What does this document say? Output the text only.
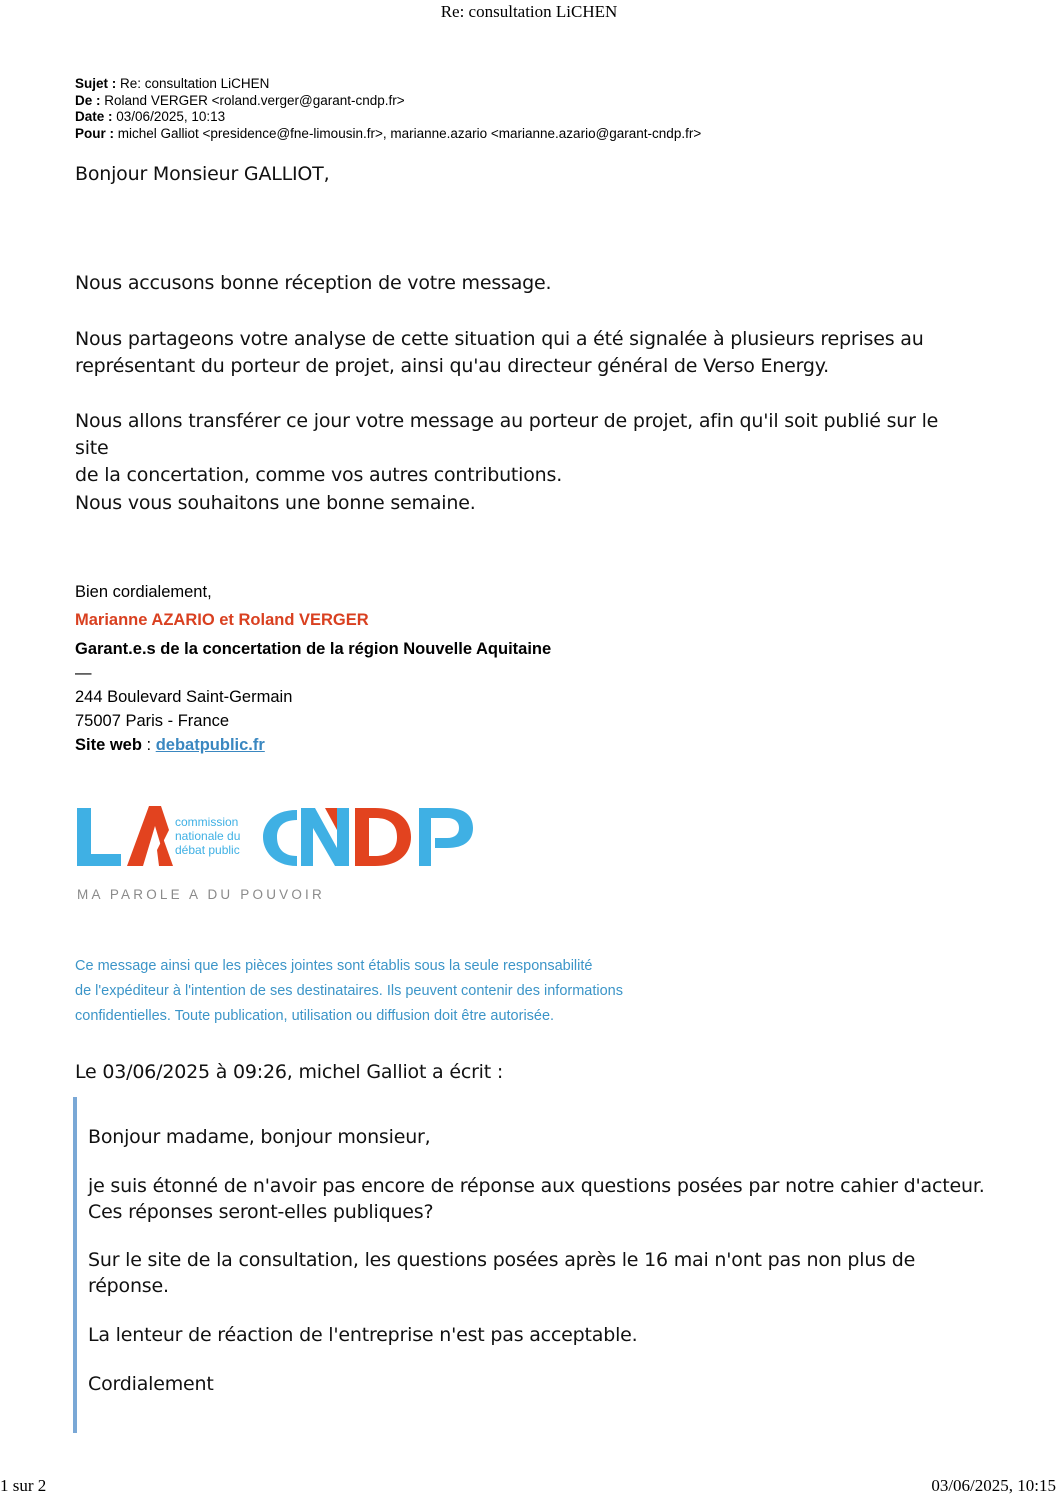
Re: consultation LiCHEN
Sujet : Re: consultation LiCHEN
De : Roland VERGER <roland.verger@garant-cndp.fr>
Date : 03/06/2025, 10:13
Pour : michel Galliot <presidence@fne-limousin.fr>, marianne.azario <marianne.azario@garant-cndp.fr>
Bonjour Monsieur GALLIOT,
Nous accusons bonne réception de votre message.
Nous partageons votre analyse de cette situation qui a été signalée à plusieurs reprises au
représentant du porteur de projet, ainsi qu'au directeur général de Verso Energy.
Nous allons transférer ce jour votre message au porteur de projet, afin qu'il soit publié sur le site
de la concertation, comme vos autres contributions.
Nous vous souhaitons une bonne semaine.
Bien cordialement,
Marianne AZARIO et Roland VERGER
Garant.e.s de la concertation de la région Nouvelle Aquitaine
—
244 Boulevard Saint-Germain
75007 Paris - France
Site web : debatpublic.fr
commission
nationale du
débat public
MA PAROLE A DU POUVOIR
Ce message ainsi que les pièces jointes sont établis sous la seule responsabilité
de l'expéditeur à l'intention de ses destinataires. Ils peuvent contenir des informations
confidentielles. Toute publication, utilisation ou diffusion doit être autorisée.
Le 03/06/2025 à 09:26, michel Galliot a écrit :
Bonjour madame, bonjour monsieur,
je suis étonné de n'avoir pas encore de réponse aux questions posées par notre cahier d'acteur.
Ces réponses seront-elles publiques?
Sur le site de la consultation, les questions posées après le 16 mai n'ont pas non plus de
réponse.
La lenteur de réaction de l'entreprise n'est pas acceptable.
Cordialement
1 sur 2	03/06/2025, 10:15
